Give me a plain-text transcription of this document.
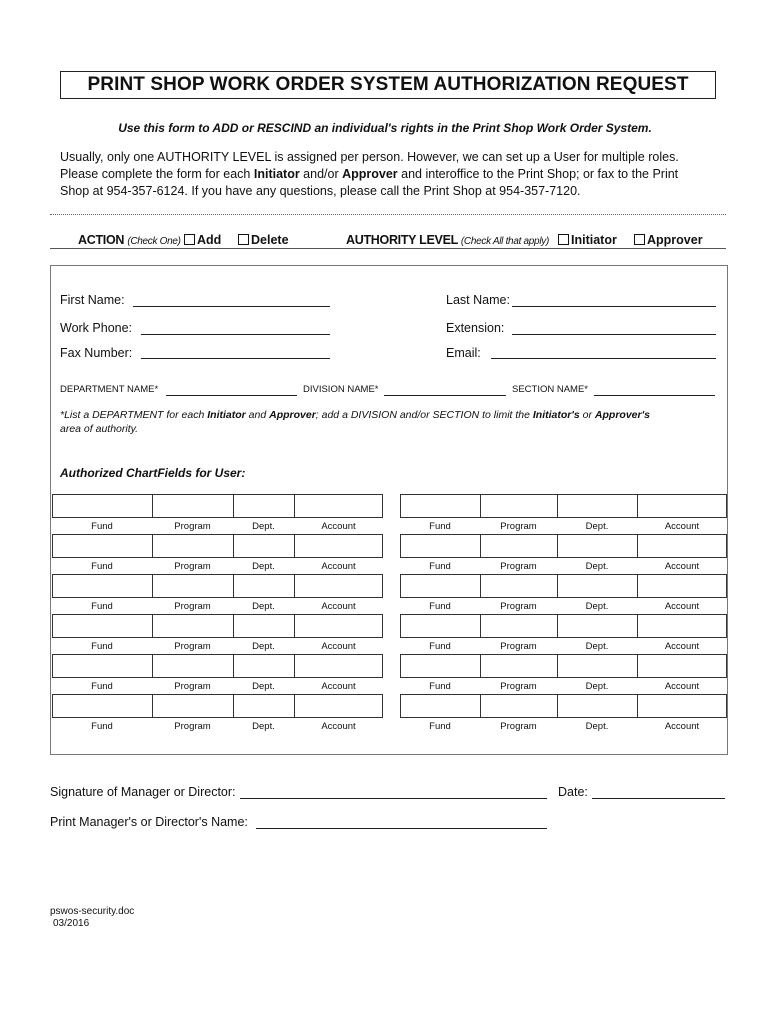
PRINT SHOP WORK ORDER SYSTEM AUTHORIZATION REQUEST
Use this form to ADD or RESCIND an individual's rights in the Print Shop Work Order System.
Usually, only one AUTHORITY LEVEL is assigned per person. However, we can set up a User for multiple roles.
Please complete the form for each Initiator and/or Approver and interoffice to the Print Shop; or fax to the Print
Shop at 954-357-6124. If you have any questions, please call the Print Shop at 954-357-7120.
ACTION (Check One)	Add	Delete	AUTHORITY LEVEL (Check All that apply)	Initiator	Approver
First Name:	Last Name:
Work Phone:	Extension:
Fax Number:	Email:
DEPARTMENT NAME*	DIVISION NAME*	SECTION NAME*
*List a DEPARTMENT for each Initiator and Approver; add a DIVISION and/or SECTION to limit the Initiator's or Approver's
area of authority.
Authorized ChartFields for User:
Fund	Program	Dept.	Account
Fund	Program	Dept.	Account
Fund	Program	Dept.	Account
Fund	Program	Dept.	Account
Fund	Program	Dept.	Account
Fund	Program	Dept.	Account
Fund	Program	Dept.	Account
Fund	Program	Dept.	Account
Fund	Program	Dept.	Account
Fund	Program	Dept.	Account
Fund	Program	Dept.	Account
Fund	Program	Dept.	Account
Signature of Manager or Director:	Date:
Print Manager's or Director's Name:
pswos-security.doc
03/2016
